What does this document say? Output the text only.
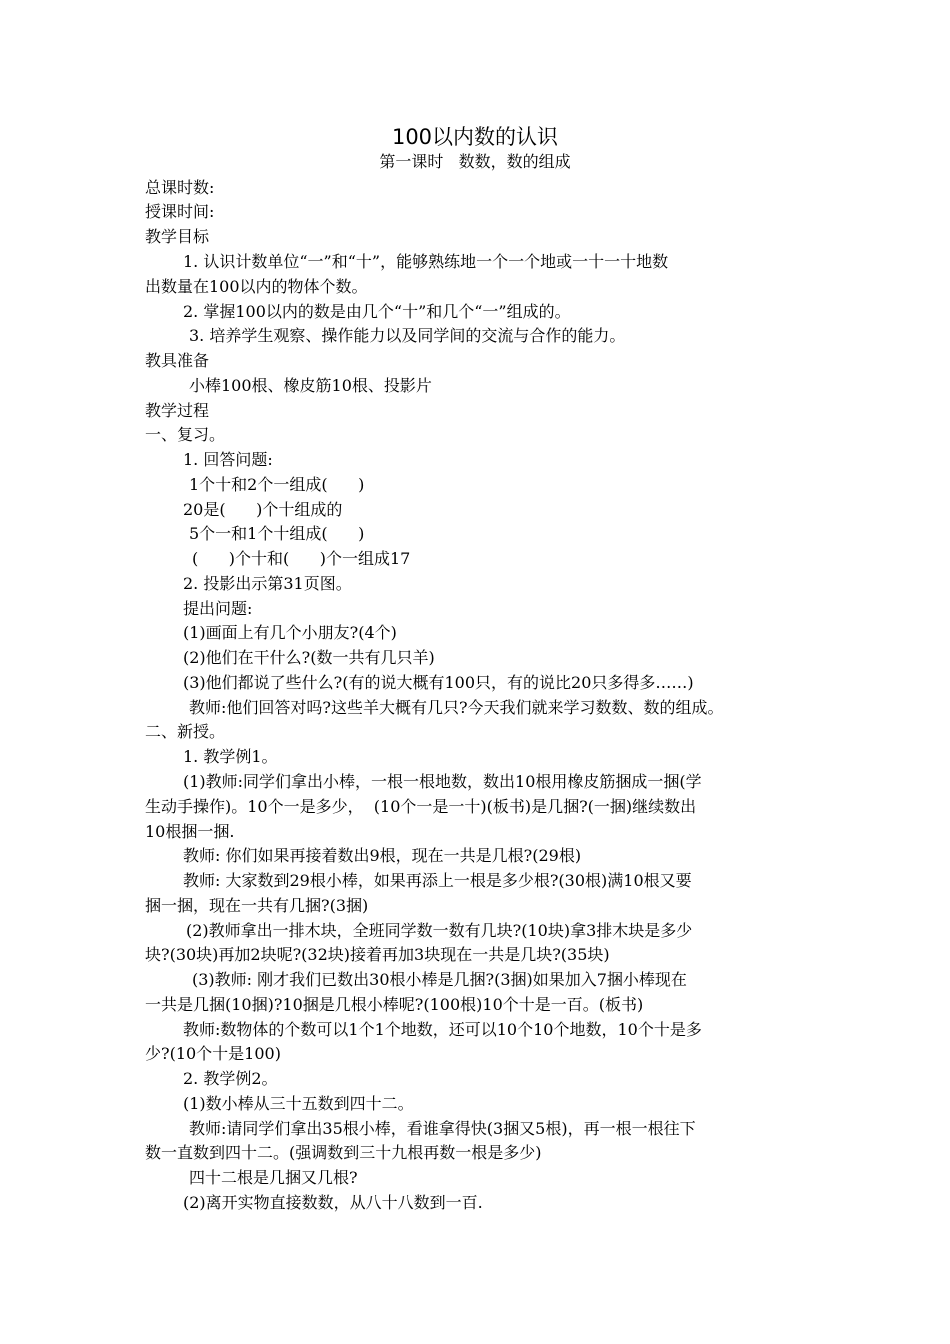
100以内数的认识
第一课时   数数，数的组成
总课时数:
授课时间:
教学目标
1. 认识计数单位“一”和“十”，能够熟练地一个一个地或一十一十地数
出数量在100以内的物体个数。
2. 掌握100以内的数是由几个“十”和几个“一”组成的。
3. 培养学生观察、操作能力以及同学间的交流与合作的能力。
教具准备
小棒100根、橡皮筋10根、投影片
教学过程
一、复习。
1. 回答问题:
1个十和2个一组成(      )
20是(      )个十组成的
5个一和1个十组成(      )
(      )个十和(      )个一组成17
2. 投影出示第31页图。
提出问题:
(1)画面上有几个小朋友?(4个)
(2)他们在干什么?(数一共有几只羊)
(3)他们都说了些什么?(有的说大概有100只，有的说比20只多得多……)
教师:他们回答对吗?这些羊大概有几只?今天我们就来学习数数、数的组成。
二、新授。
1. 教学例1。
(1)教师:同学们拿出小棒，一根一根地数，数出10根用橡皮筋捆成一捆(学
生动手操作)。10个一是多少，  (10个一是一十)(板书)是几捆?(一捆)继续数出
10根捆一捆.
教师: 你们如果再接着数出9根，现在一共是几根?(29根)
教师: 大家数到29根小棒，如果再添上一根是多少根?(30根)满10根又要
捆一捆，现在一共有几捆?(3捆)
(2)教师拿出一排木块，全班同学数一数有几块?(10块)拿3排木块是多少
块?(30块)再加2块呢?(32块)接着再加3块现在一共是几块?(35块)
(3)教师: 刚才我们已数出30根小棒是几捆?(3捆)如果加入7捆小棒现在
一共是几捆(10捆)?10捆是几根小棒呢?(100根)10个十是一百。(板书)
教师:数物体的个数可以1个1个地数，还可以10个10个地数，10个十是多
少?(10个十是100)
2. 教学例2。
(1)数小棒从三十五数到四十二。
教师:请同学们拿出35根小棒，看谁拿得快(3捆又5根)，再一根一根往下
数一直数到四十二。(强调数到三十九根再数一根是多少)
四十二根是几捆又几根?
(2)离开实物直接数数，从八十八数到一百.
